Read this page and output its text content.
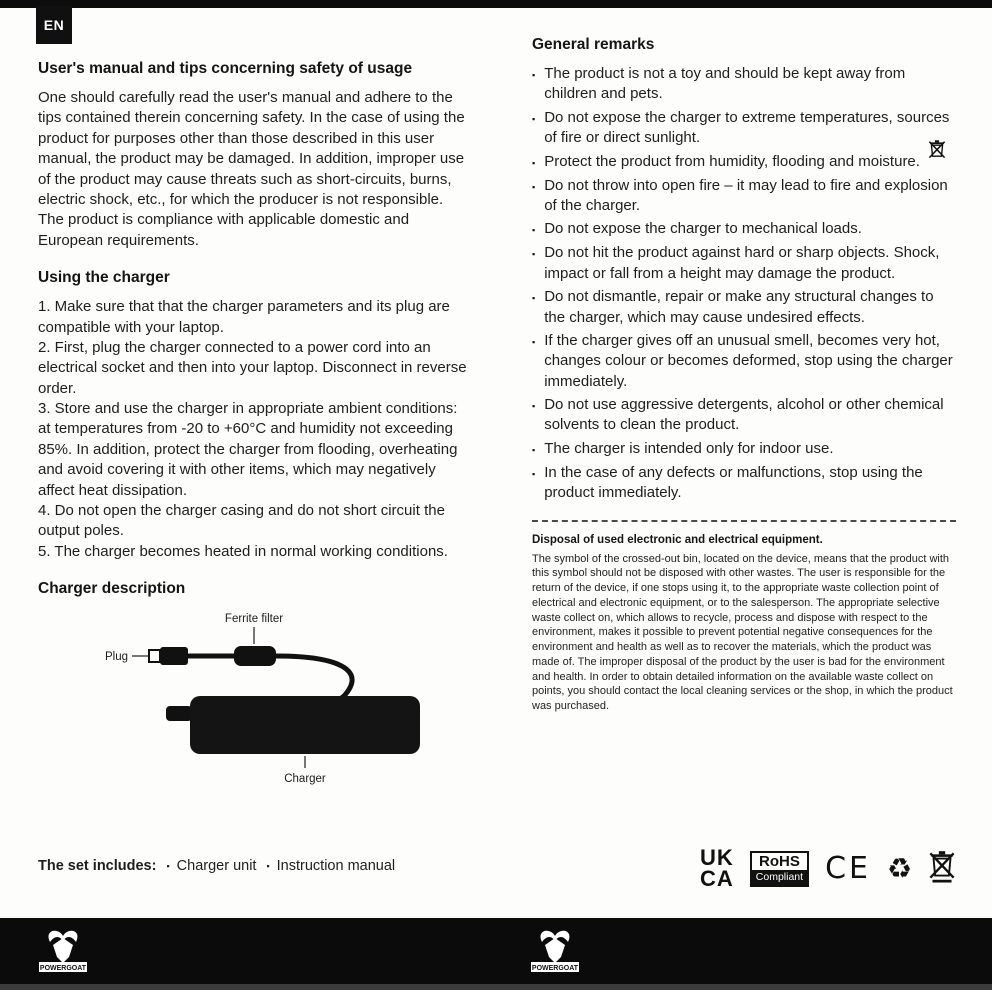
EN
User's manual and tips concerning safety of usage

One should carefully read the user's manual and adhere to the tips contained therein concerning safety. In the case of using the product for purposes other than those described in this user manual, the product may be damaged. In addition, improper use of the product may cause threats such as short-circuits, burns, electric shock, etc., for which the producer is not responsible. The product is compliance with applicable domestic and European requirements.

Using the charger

1. Make sure that that the charger parameters and its plug are compatible with your laptop.

2. First, plug the charger connected to a power cord into an electrical socket and then into your laptop. Disconnect in reverse order.

3. Store and use the charger in appropriate ambient conditions: at temperatures from -20 to +60°C and humidity not exceeding 85%. In addition, protect the charger from flooding, overheating and avoid covering it with other items, which may negatively affect heat dissipation.

4. Do not open the charger casing and do not short circuit the output poles.

5. The charger becomes heated in normal working conditions.

Charger description
Ferrite filter
Plug
Charger
General remarks
▪ The product is not a toy and should be kept away from children and pets.
▪ Do not expose the charger to extreme temperatures, sources of fire or direct sunlight.
▪ Protect the product from humidity, flooding and moisture.
▪ Do not throw into open fire – it may lead to fire and explosion of the charger.
▪ Do not expose the charger to mechanical loads.
▪ Do not hit the product against hard or sharp objects. Shock, impact or fall from a height may damage the product.
▪ Do not dismantle, repair or make any structural changes to the charger, which may cause undesired effects.
▪ If the charger gives off an unusual smell, becomes very hot, changes colour or becomes deformed, stop using the charger immediately.
▪ Do not use aggressive detergents, alcohol or other chemical solvents to clean the product.
▪ The charger is intended only for indoor use.
▪ In the case of any defects or malfunctions, stop using the product immediately.

Disposal of used electronic and electrical equipment.

The symbol of the crossed-out bin, located on the device, means that the product with this symbol should not be disposed with other wastes. The user is responsible for the return of the device, if one stops using it, to the appropriate waste collection point of electrical and electronic equipment, or to the salesperson. The appropriate selective waste collect on, which allows to recycle, process and dispose with respect to the environment, makes it possible to prevent potential negative consequences for the environment and health as well as to recover the materials, which the product was made of. The improper disposal of the product by the user is bad for the environment and health. In order to obtain detailed information on the available waste collect on points, you should contact the local cleaning services or the shop, in which the product was purchased.

The set includes: ▪ Charger unit ▪ Instruction manual	UK
CA
RoHS
Compliant CE ♻
POWERGOAT	POWERGOAT
